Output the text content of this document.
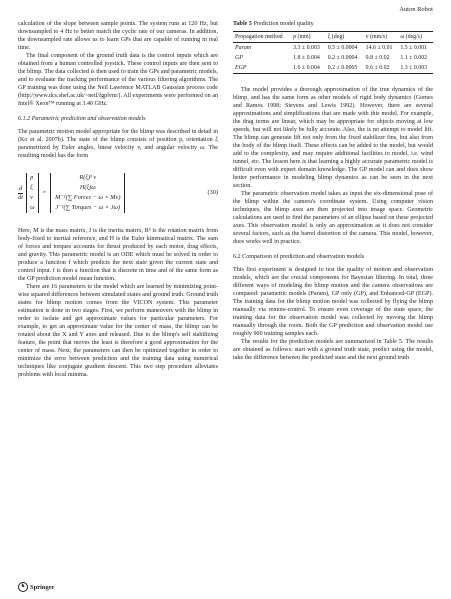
Auton Robot

calculation of the slope between sample points. The system runs at 120 Hz, but downsampled to 4 Hz to better match the cyclic rate of our cameras. In addition, the downsampled rate allows us to learn GPs that are capable of running in real time.

The final component of the ground truth data is the control inputs which are obtained from a human controlled joystick. These control inputs are then sent to the blimp. The data collected is then used to train the GPs and parametric models, and to evaluate the tracking performance of the various filtering algorithms. The GP training was done using the Neil Lawrence MATLAB Gaussian process code (http://www.dcs.shef.ac.uk/~neil/fgplvm/). All experiments were performed on an Intel® Xeon™ running at 3.40 GHz.

6.1.2 Parametric prediction and observation models

The parametric motion model appropriate for the blimp was described in detail in (Ko et al. 2007b). The state of the blimp consists of position p, orientation ξ parametrized by Euler angles, linear velocity v, and angular velocity ω. The resulting model has the form

$\frac{d}{dt}$
p
ξ
v
ω
=
R(ξ)ᵇ v
H(ξ)ω
M⁻¹(∑ Forces − ω × Mv)
J⁻¹(∑ Torques − ω × Jω)
(30)

Here, M is the mass matrix, J is the inertia matrix, Rᵇ is the rotation matrix from body-fixed to inertial reference, and H is the Euler kinematical matrix. The sum of forces and torques accounts for thrust produced by each motor, drag effects, and gravity. This parametric model is an ODE which must be solved in order to produce a function f which predicts the next state given the current state and control input. f is then a function that is discrete in time and of the same form as the GP prediction model mean function.

There are 16 parameters to the model which are learned by minimizing point-wise squared differences between simulated states and ground truth. Ground truth states for blimp motion comes from the VICON system. This parameter estimation is done in two stages. First, we perform maneuvers with the blimp in order to isolate and get approximate values for particular parameters. For example, to get an approximate value for the center of mass, the blimp can be rotated about the X and Y axes and released. Due to the blimp's self stabilizing feature, the point that moves the least is therefore a good approximation for the center of mass. Next, the parameters can then be optimized together in order to minimize the error between prediction and the training data using numerical techniques like conjugate gradient descent. This two step procedure alleviates problems with local minima.

Table 5 Prediction model quality
Propagation method	p (mm)	ξ (deg)	v (mm/s)	ω (deg/s)
Param	3.3 ± 0.003	0.5 ± 0.0004	14.6 ± 0.01	1.5 ± 0.001
GP	1.8 ± 0.004	0.2 ± 0.0004	9.8 ± 0.02	1.1 ± 0.002
EGP	1.6 ± 0.004	0.2 ± 0.0005	9.6 ± 0.02	1.3 ± 0.003

The model provides a thorough approximation of the true dynamics of the blimp, and has the same form as other models of rigid body dynamics (Gomes and Ramos 1998; Stevens and Lewis 1992). However, there are several approximations and simplifications that are made with this model. For example, the drag terms are linear, which may be appropriate for objects moving at low speeds, but will not likely be fully accurate. Also, the is no attempt to model lift. The blimp can generate lift not only from the fixed stabilizer fins, but also from the body of the blimp itself. These effects can be added to the model, but would add to the complexity, and may require additional facilities to model, i.e. wind tunnel, etc. The lesson here is that learning a highly accurate parametric model is difficult even with expert domain knowledge. The GP model can and does show better performance in modeling blimp dynamics as can be seen in the next section.

The parametric observation model takes as input the six-dimensional pose of the blimp within the camera's coordinate system. Using computer vision techniques, the blimp axes are then projected into image space. Geometric calculations are used to find the parameters of an ellipse based on these projected axes. This observation model is only an approximation as it does not consider several factors, such as the barrel distortion of the camera. This model, however, does works well in practice.

6.2 Comparison of prediction and observation models

This first experiment is designed to test the quality of motion and observation models, which are the crucial components for Bayesian filtering. In total, three different ways of modeling the blimp motion and the camera observations are compared: parametric models (Param), GP only (GP), and Enhanced-GP (EGP). The training data for the blimp motion model was collected by flying the blimp manually via remote-control. To ensure even coverage of the state space, the training data for the observation model was collected by moving the blimp manually through the room. Both the GP prediction and observation model use roughly 900 training samples each.

The results for the prediction models are summarized in Table 5. The results are obtained as follows: start with a ground truth state, predict using the model, take the difference between the predicted state and the next ground truth

♞ Springer
